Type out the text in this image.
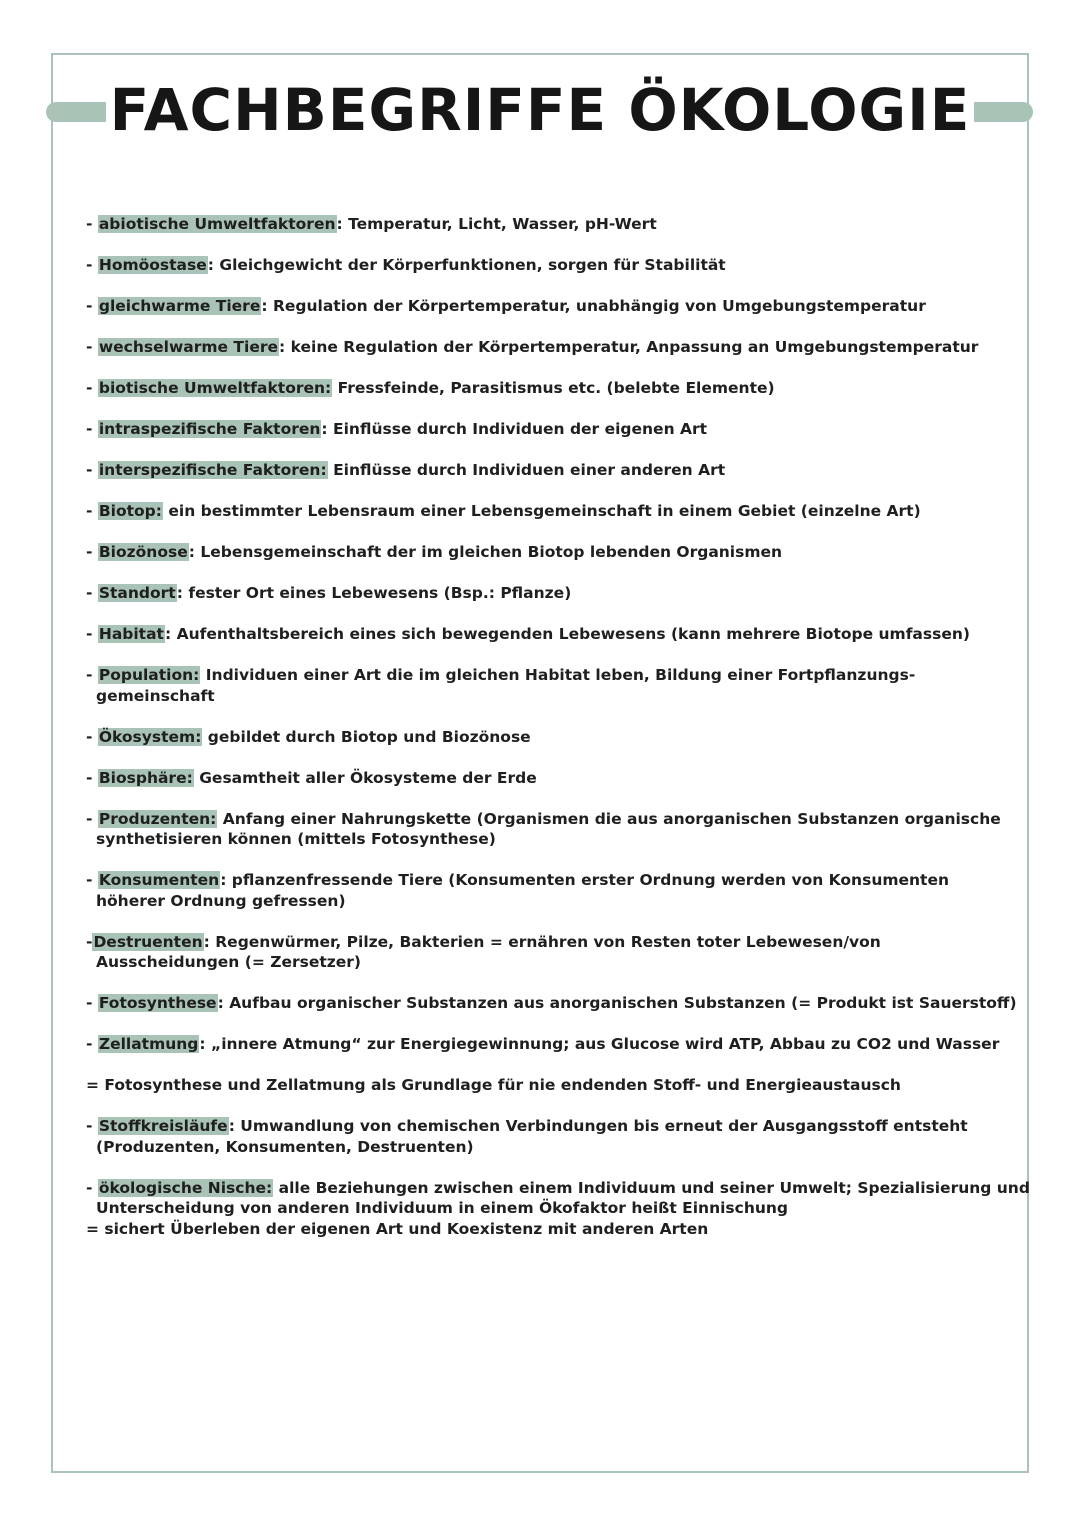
FACHBEGRIFFE ÖKOLOGIE
- abiotische Umweltfaktoren: Temperatur, Licht, Wasser, pH-Wert
- Homöostase: Gleichgewicht der Körperfunktionen, sorgen für Stabilität
- gleichwarme Tiere: Regulation der Körpertemperatur, unabhängig von Umgebungstemperatur
- wechselwarme Tiere: keine Regulation der Körpertemperatur, Anpassung an Umgebungstemperatur
- biotische Umweltfaktoren: Fressfeinde, Parasitismus etc. (belebte Elemente)
- intraspezifische Faktoren: Einflüsse durch Individuen der eigenen Art
- interspezifische Faktoren: Einflüsse durch Individuen einer anderen Art
- Biotop: ein bestimmter Lebensraum einer Lebensgemeinschaft in einem Gebiet (einzelne Art)
- Biozönose: Lebensgemeinschaft der im gleichen Biotop lebenden Organismen
- Standort: fester Ort eines Lebewesens (Bsp.: Pflanze)
- Habitat: Aufenthaltsbereich eines sich bewegenden Lebewesens (kann mehrere Biotope umfassen)
- Population: Individuen einer Art die im gleichen Habitat leben, Bildung einer Fortpflanzungs-
gemeinschaft
- Ökosystem: gebildet durch Biotop und Biozönose
- Biosphäre: Gesamtheit aller Ökosysteme der Erde
- Produzenten: Anfang einer Nahrungskette (Organismen die aus anorganischen Substanzen organische
synthetisieren können (mittels Fotosynthese)
- Konsumenten: pflanzenfressende Tiere (Konsumenten erster Ordnung werden von Konsumenten
höherer Ordnung gefressen)
-Destruenten: Regenwürmer, Pilze, Bakterien = ernähren von Resten toter Lebewesen/von
Ausscheidungen (= Zersetzer)
- Fotosynthese: Aufbau organischer Substanzen aus anorganischen Substanzen (= Produkt ist Sauerstoff)
- Zellatmung: „innere Atmung“ zur Energiegewinnung; aus Glucose wird ATP, Abbau zu CO2 und Wasser
= Fotosynthese und Zellatmung als Grundlage für nie endenden Stoff- und Energieaustausch
- Stoffkreisläufe: Umwandlung von chemischen Verbindungen bis erneut der Ausgangsstoff entsteht
(Produzenten, Konsumenten, Destruenten)
- ökologische Nische: alle Beziehungen zwischen einem Individuum und seiner Umwelt; Spezialisierung und
Unterscheidung von anderen Individuum in einem Ökofaktor heißt Einnischung
= sichert Überleben der eigenen Art und Koexistenz mit anderen Arten
